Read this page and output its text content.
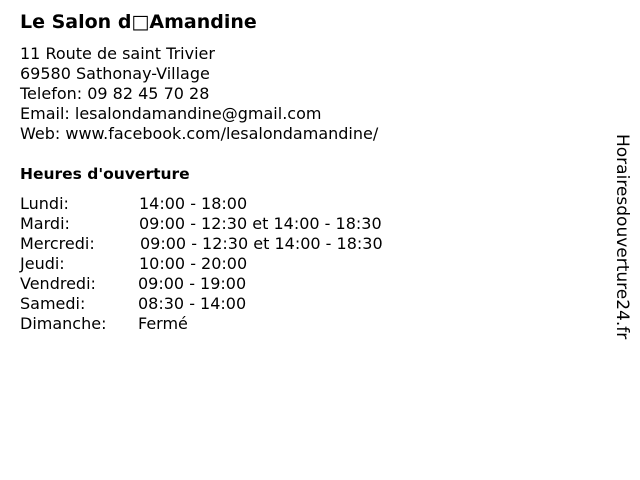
Le Salon d□Amandine
11 Route de saint Trivier
69580 Sathonay-Village
Telefon: 09 82 45 70 28
Email: lesalondamandine@gmail.com
Web: www.facebook.com/lesalondamandine/
Heures d'ouverture
Lundi:	14:00 - 18:00
Mardi:	09:00 - 12:30 et 14:00 - 18:30
Mercredi:	09:00 - 12:30 et 14:00 - 18:30
Jeudi:	10:00 - 20:00
Vendredi:	09:00 - 19:00
Samedi:	08:30 - 14:00
Dimanche: Fermé	Horairesdouverture24.fr
